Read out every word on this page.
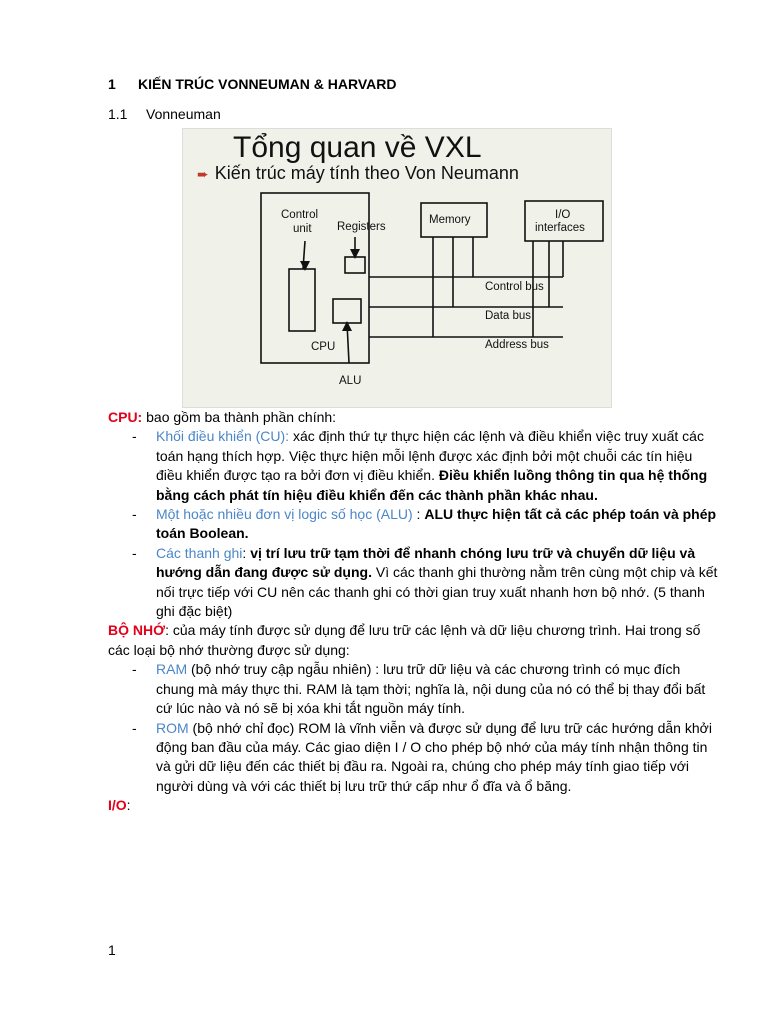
1 KIẾN TRÚC VONNEUMAN & HARVARD
1.1 Vonneuman
Tổng quan về VXL
➨ Kiến trúc máy tính theo Von Neumann
Control
unit Registers
Memory	I/O
interfaces
Control bus
Data bus
Address bus
CPU
ALU

CPU: bao gồm ba thành phần chính:

- Khối điều khiển (CU): xác định thứ tự thực hiện các lệnh và điều khiển việc truy xuất các toán hạng thích hợp. Việc thực hiện mỗi lệnh được xác định bởi một chuỗi các tín hiệu điều khiển được tạo ra bởi đơn vị điều khiển. Điều khiển luồng thông tin qua hệ thống bằng cách phát tín hiệu điều khiển đến các thành phần khác nhau.
- Một hoặc nhiều đơn vị logic số học (ALU) : ALU thực hiện tất cả các phép toán và phép toán Boolean.
- Các thanh ghi: vị trí lưu trữ tạm thời để nhanh chóng lưu trữ và chuyển dữ liệu và hướng dẫn đang được sử dụng. Vì các thanh ghi thường nằm trên cùng một chip và kết nối trực tiếp với CU nên các thanh ghi có thời gian truy xuất nhanh hơn bộ nhớ. (5 thanh ghi đặc biệt)

BỘ NHỚ: của máy tính được sử dụng để lưu trữ các lệnh và dữ liệu chương trình. Hai trong số các loại bộ nhớ thường được sử dụng:

- RAM (bộ nhớ truy cập ngẫu nhiên) : lưu trữ dữ liệu và các chương trình có mục đích chung mà máy thực thi. RAM là tạm thời; nghĩa là, nội dung của nó có thể bị thay đổi bất cứ lúc nào và nó sẽ bị xóa khi tắt nguồn máy tính.
- ROM (bộ nhớ chỉ đọc) ROM là vĩnh viễn và được sử dụng để lưu trữ các hướng dẫn khởi động ban đầu của máy. Các giao diện I / O cho phép bộ nhớ của máy tính nhận thông tin và gửi dữ liệu đến các thiết bị đầu ra. Ngoài ra, chúng cho phép máy tính giao tiếp với người dùng và với các thiết bị lưu trữ thứ cấp như ổ đĩa và ổ băng.

I/O:

1
